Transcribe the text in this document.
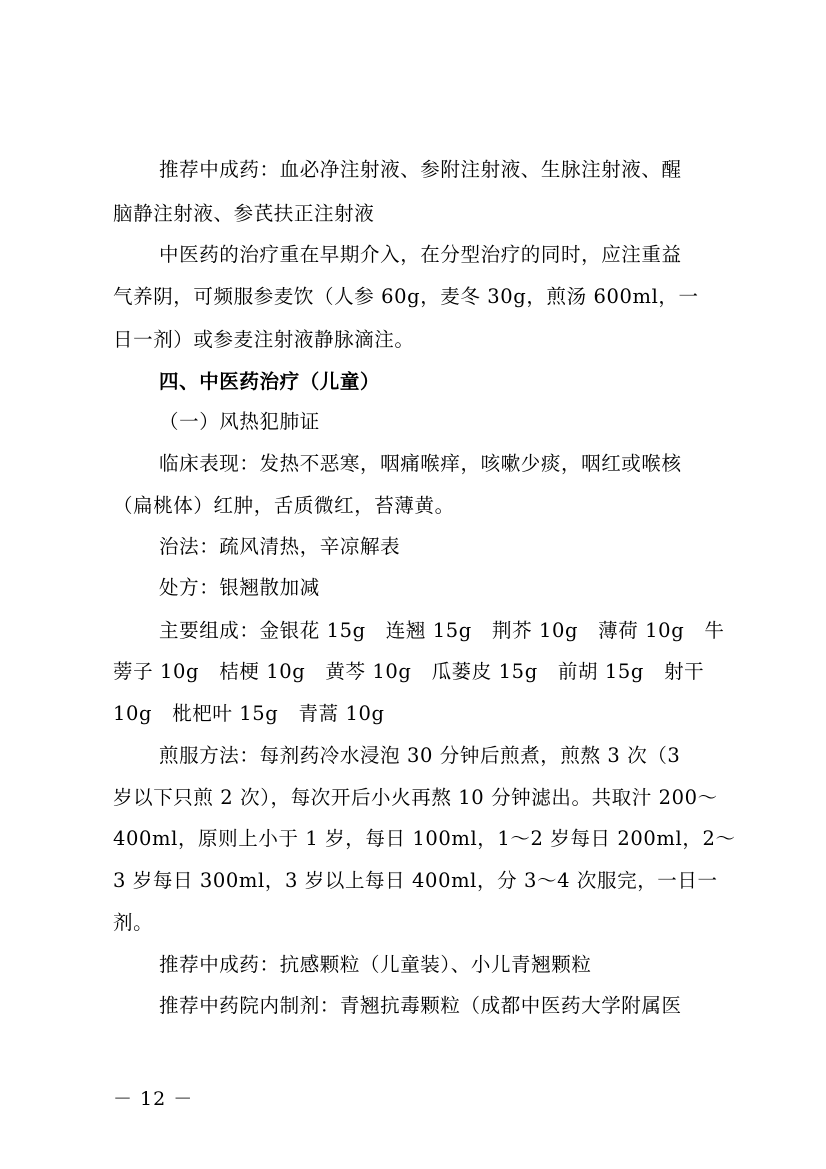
推荐中成药：血必净注射液、参附注射液、生脉注射液、醒
脑静注射液、参芪扶正注射液
中医药的治疗重在早期介入，在分型治疗的同时，应注重益
气养阴，可频服参麦饮（人参 60g，麦冬 30g，煎汤 600ml，一
日一剂）或参麦注射液静脉滴注。
四、中医药治疗（儿童）
（一）风热犯肺证
临床表现：发热不恶寒，咽痛喉痒，咳嗽少痰，咽红或喉核
（扁桃体）红肿，舌质微红，苔薄黄。
治法：疏风清热，辛凉解表
处方：银翘散加减
主要组成：金银花 15g　连翘 15g　荆芥 10g　薄荷 10g　牛
蒡子 10g　桔梗 10g　黄芩 10g　瓜蒌皮 15g　前胡 15g　射干
10g　枇杷叶 15g　青蒿 10g
煎服方法：每剂药冷水浸泡 30 分钟后煎煮，煎熬 3 次（3
岁以下只煎 2 次），每次开后小火再熬 10 分钟滤出。共取汁 200～
400ml，原则上小于 1 岁，每日 100ml，1～2 岁每日 200ml，2～
3 岁每日 300ml，3 岁以上每日 400ml，分 3～4 次服完，一日一
剂。
推荐中成药：抗感颗粒（儿童装）、小儿青翘颗粒
推荐中药院内制剂：青翘抗毒颗粒（成都中医药大学附属医
－ 12 －
